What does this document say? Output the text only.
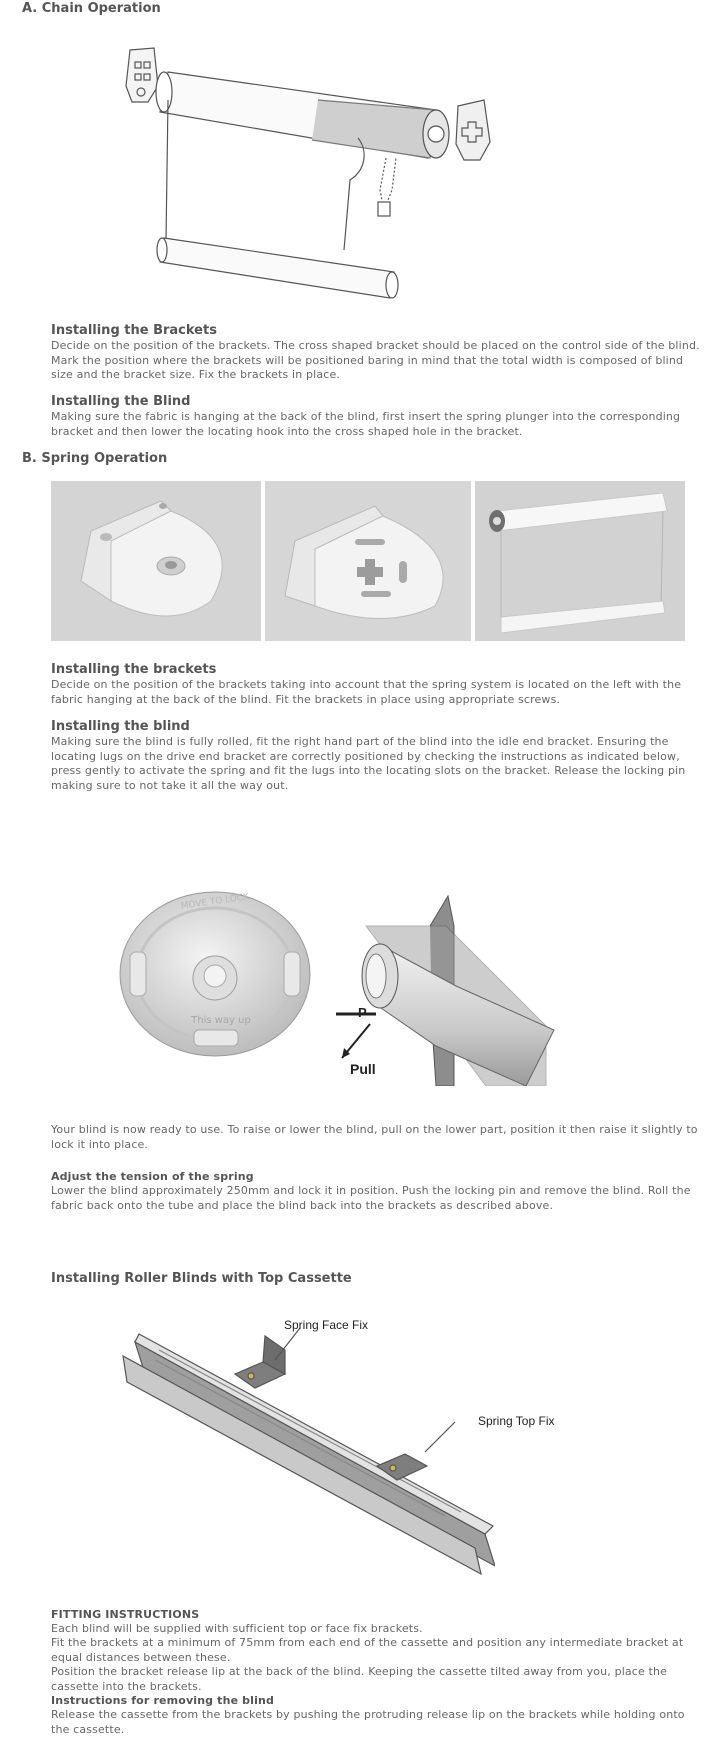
A. Chain Operation
Installing the Brackets
Decide on the position of the brackets. The cross shaped bracket should be placed on the control side of the blind. Mark the position where the brackets will be positioned baring in mind that the total width is composed of blind size and the bracket size. Fix the brackets in place.
Installing the Blind
Making sure the fabric is hanging at the back of the blind, first insert the spring plunger into the corresponding bracket and then lower the locating hook into the cross shaped hole in the bracket.
B. Spring Operation
Installing the brackets
Decide on the position of the brackets taking into account that the spring system is located on the left with the fabric hanging at the back of the blind. Fit the brackets in place using appropriate screws.
Installing the blind
Making sure the blind is fully rolled, fit the right hand part of the blind into the idle end bracket. Ensuring the locating lugs on the drive end bracket are correctly positioned by checking the instructions as indicated below, press gently to activate the spring and fit the lugs into the locating slots on the bracket. Release the locking pin making sure to not take it all the way out.
MOVE TO LOCK
This way up
P
Pull
Your blind is now ready to use. To raise or lower the blind, pull on the lower part, position it then raise it slightly to lock it into place.
Adjust the tension of the spring
Lower the blind approximately 250mm and lock it in position. Push the locking pin and remove the blind. Roll the fabric back onto the tube and place the blind back into the brackets as described above.
Installing Roller Blinds with Top Cassette
Spring Face Fix
Spring Top Fix
FITTING INSTRUCTIONS
Each blind will be supplied with sufficient top or face fix brackets.
Fit the brackets at a minimum of 75mm from each end of the cassette and position any intermediate bracket at equal distances between these.
Position the bracket release lip at the back of the blind. Keeping the cassette tilted away from you, place the cassette into the brackets.
Instructions for removing the blind
Release the cassette from the brackets by pushing the protruding release lip on the brackets while holding onto the cassette.
